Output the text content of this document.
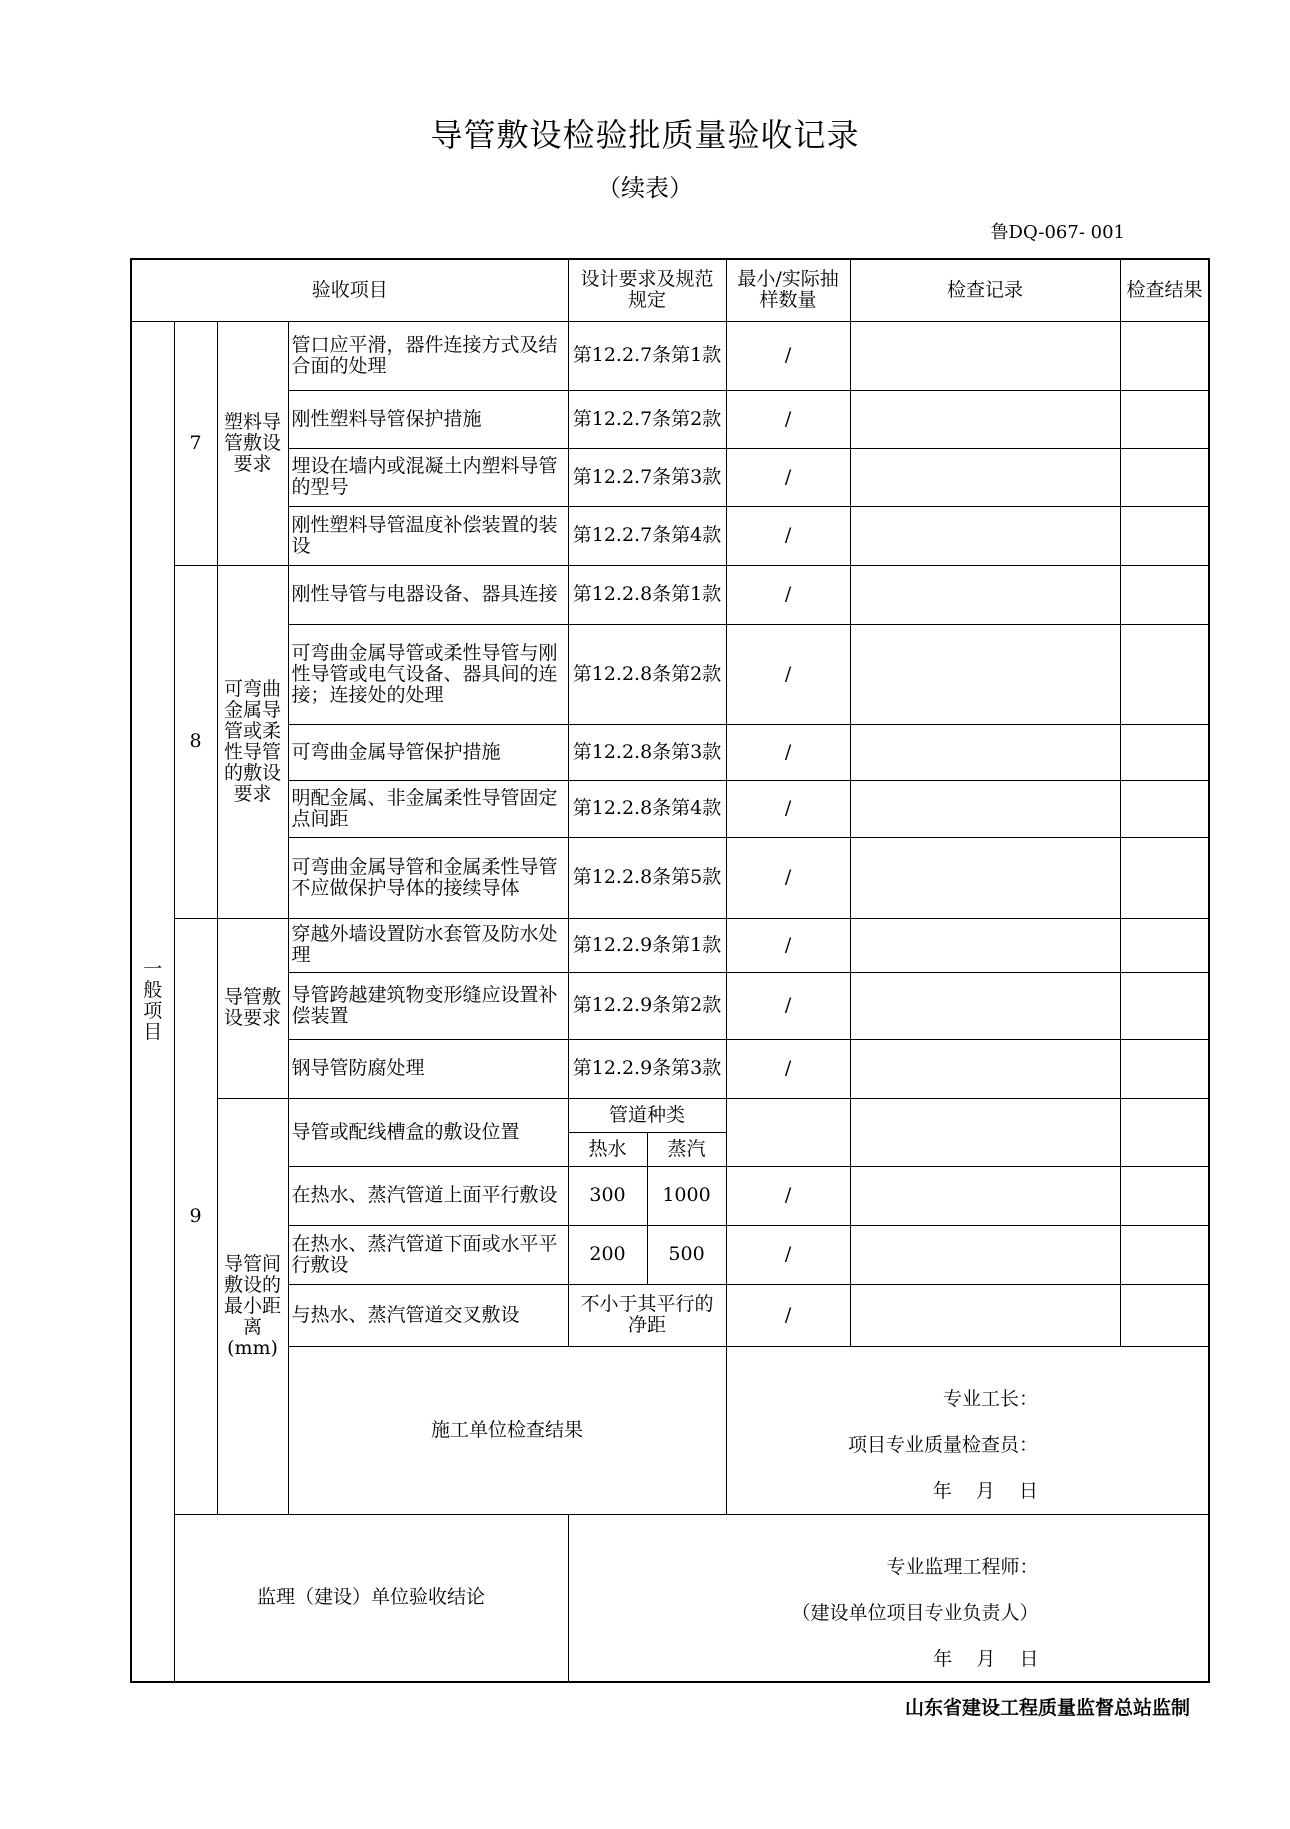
导管敷设检验批质量验收记录
（续表）
鲁DQ-067- 001
验收项目				设计要求及规范规定		最小/实际抽样数量	检查记录	检查结果
一般项目	7	塑料导管敷设要求	管口应平滑，器件连接方式及结合面的处理	第12.2.7条第1款		/		
			刚性塑料导管保护措施	第12.2.7条第2款		/		
			埋设在墙内或混凝土内塑料导管的型号	第12.2.7条第3款		/		
			刚性塑料导管温度补偿装置的装设	第12.2.7条第4款		/		
	8	可弯曲金属导管或柔性导管的敷设要求	刚性导管与电器设备、器具连接	第12.2.8条第1款		/		
			可弯曲金属导管或柔性导管与刚性导管或电气设备、器具间的连接；连接处的处理	第12.2.8条第2款		/		
			可弯曲金属导管保护措施	第12.2.8条第3款		/		
			明配金属、非金属柔性导管固定点间距	第12.2.8条第4款		/		
			可弯曲金属导管和金属柔性导管不应做保护导体的接续导体	第12.2.8条第5款		/		
	9	导管敷设要求	穿越外墙设置防水套管及防水处理	第12.2.9条第1款		/		
			导管跨越建筑物变形缝应设置补偿装置	第12.2.9条第2款		/		
			钢导管防腐处理	第12.2.9条第3款		/		
		导管间敷设的最小距离(mm)	导管或配线槽盒的敷设位置	管道种类				
				热水	蒸汽			
			在热水、蒸汽管道上面平行敷设	300	1000	/		
			在热水、蒸汽管道下面或水平平行敷设	200	500	/		
			与热水、蒸汽管道交叉敷设	不小于其平行的净距		/		
			施工单位检查结果			专业工长：
项目专业质量检查员：
年    月    日		

	监理（建设）单位验收结论			专业监理工程师：
（建设单位项目专业负责人）
年    月    日				
山东省建设工程质量监督总站监制
